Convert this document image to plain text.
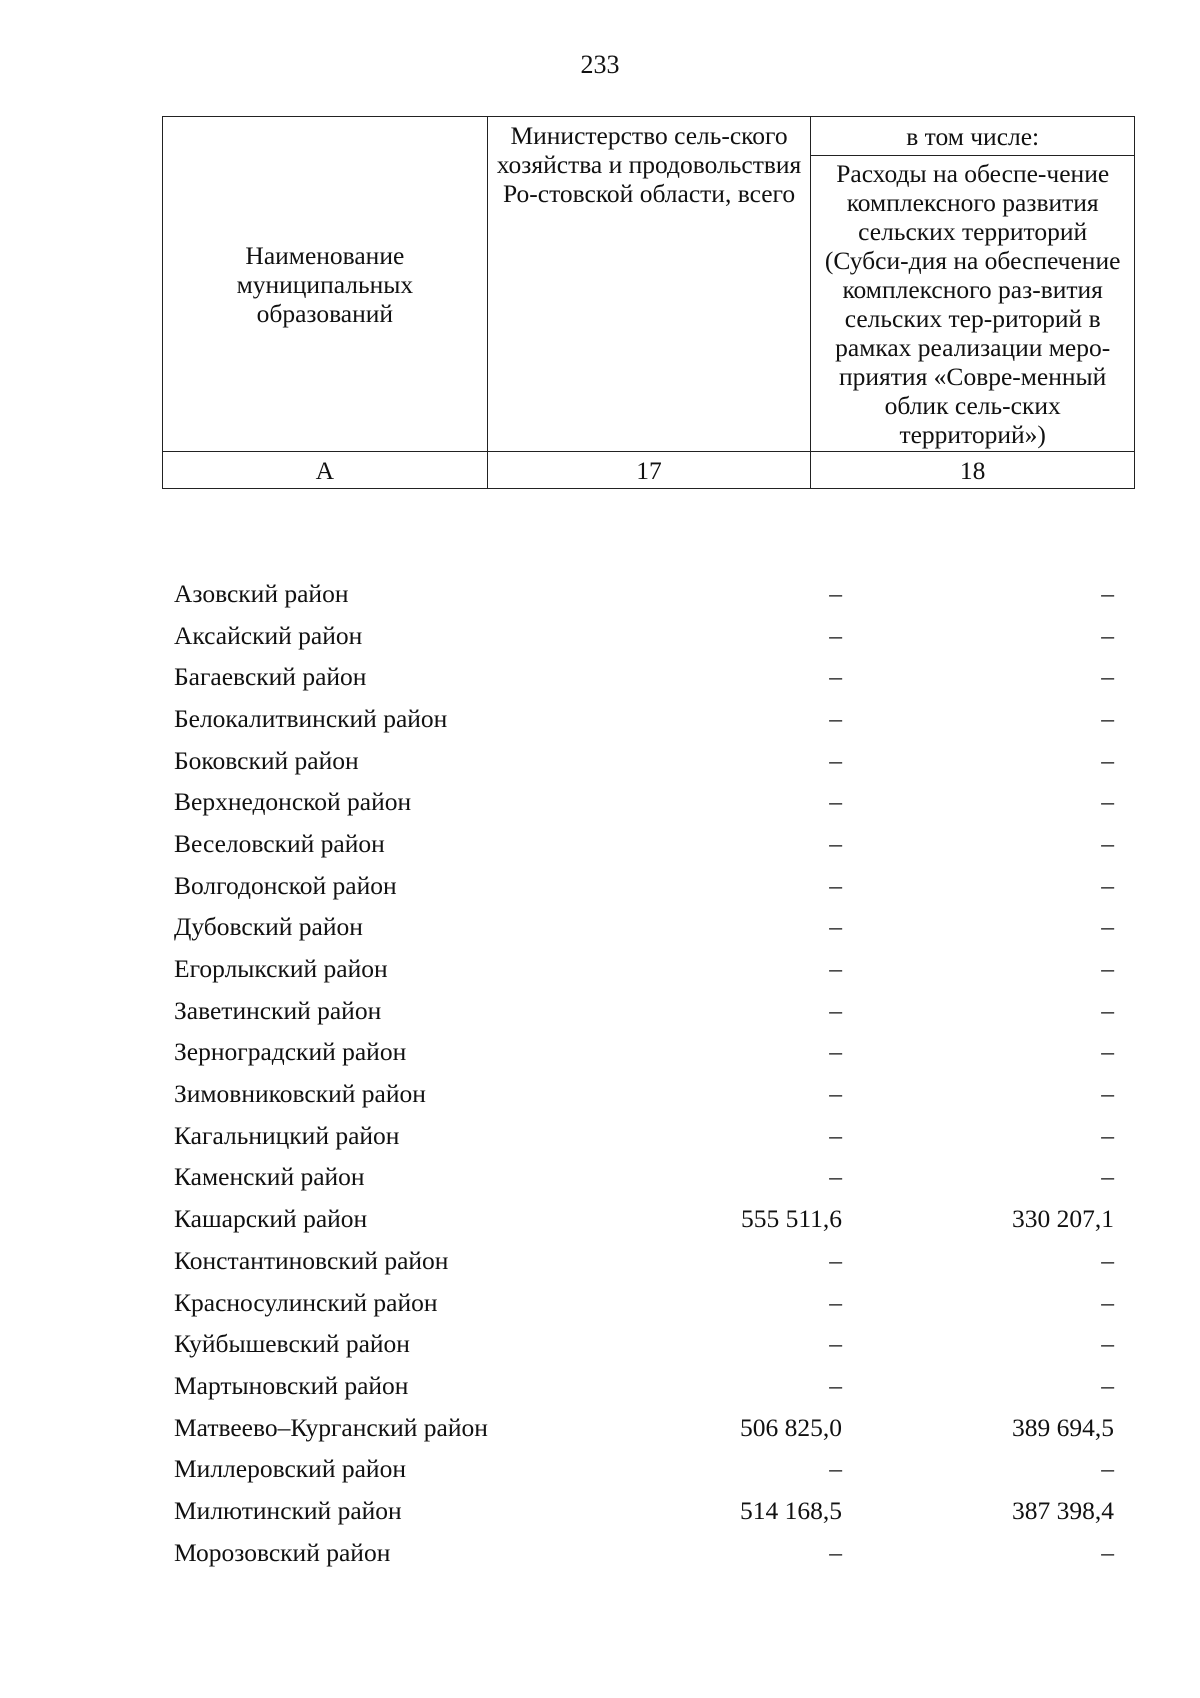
233
Наименование муниципальных образований	Министерство сель-ского хозяйства и продовольствия Ро-стовской области, всего	в том числе:
		Расходы на обеспе-чение комплексного развития сельских территорий (Субси-дия на обеспечение комплексного раз-вития сельских тер-риторий в рамках реализации меро-приятия «Совре-менный облик сель-ских территорий»)
А	17	18
Азовский район	–	–
Аксайский район	–	–
Багаевский район	–	–
Белокалитвинский район	–	–
Боковский район	–	–
Верхнедонской район	–	–
Веселовский район	–	–
Волгодонской район	–	–
Дубовский район	–	–
Егорлыкский район	–	–
Заветинский район	–	–
Зерноградский район	–	–
Зимовниковский район	–	–
Кагальницкий район	–	–
Каменский район	–	–
Кашарский район	555 511,6	330 207,1
Константиновский район	–	–
Красносулинский район	–	–
Куйбышевский район	–	–
Мартыновский район	–	–
Матвеево–Курганский район	506 825,0	389 694,5
Миллеровский район	–	–
Милютинский район	514 168,5	387 398,4
Морозовский район	–	–
